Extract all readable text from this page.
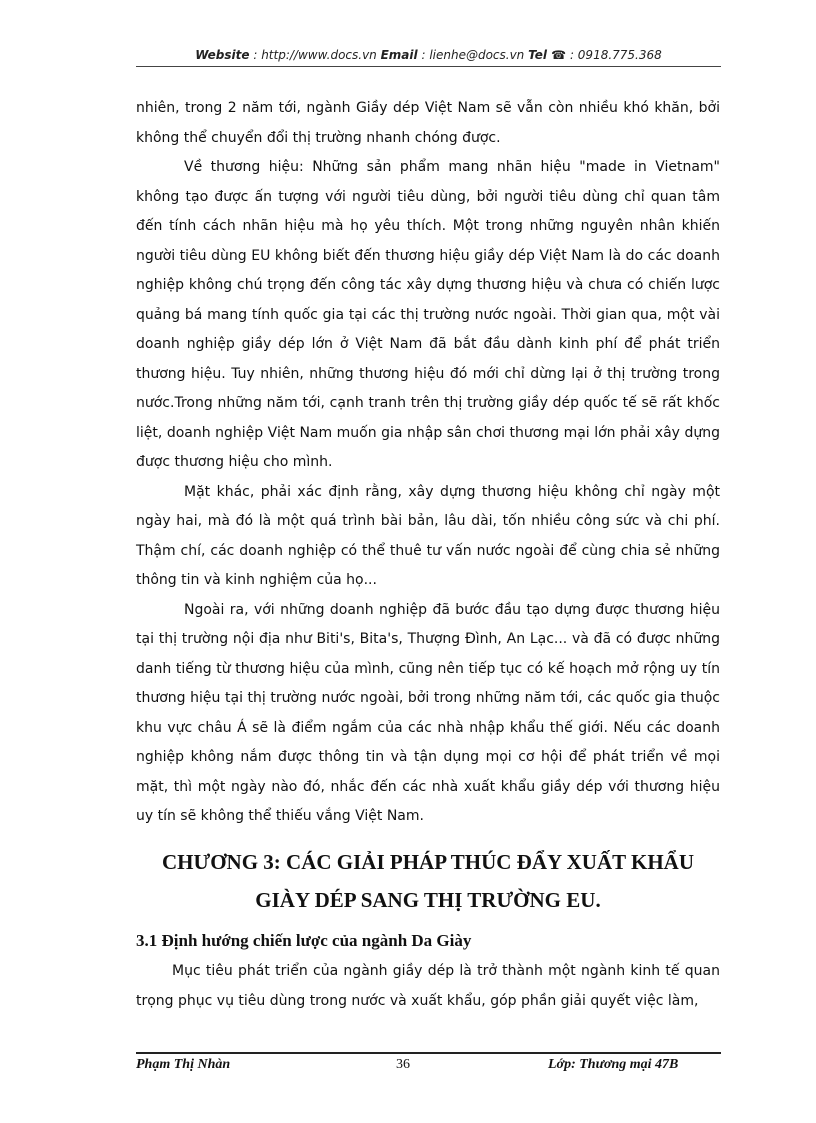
Website : http://www.docs.vn Email : lienhe@docs.vn Tel ☎ : 0918.775.368

nhiên, trong 2 năm tới, ngành Giầy dép Việt Nam sẽ vẫn còn nhiều khó khăn, bởi không thể chuyển đổi thị trường nhanh chóng được.

Về thương hiệu: Những sản phẩm mang nhãn hiệu "made in Vietnam" không tạo được ấn tượng với người tiêu dùng, bởi người tiêu dùng chỉ quan tâm đến tính cách nhãn hiệu mà họ yêu thích. Một trong những nguyên nhân khiến người tiêu dùng EU không biết đến thương hiệu giầy dép Việt Nam là do các doanh nghiệp không chú trọng đến công tác xây dựng thương hiệu và chưa có chiến lược quảng bá mang tính quốc gia tại các thị trường nước ngoài. Thời gian qua, một vài doanh nghiệp giầy dép lớn ở Việt Nam đã bắt đầu dành kinh phí để phát triển thương hiệu. Tuy nhiên, những thương hiệu đó mới chỉ dừng lại ở thị trường trong nước.Trong những năm tới, cạnh tranh trên thị trường giầy dép quốc tế sẽ rất khốc liệt, doanh nghiệp Việt Nam muốn gia nhập sân chơi thương mại lớn phải xây dựng được thương hiệu cho mình.

Mặt khác, phải xác định rằng, xây dựng thương hiệu không chỉ ngày một ngày hai, mà đó là một quá trình bài bản, lâu dài, tốn nhiều công sức và chi phí. Thậm chí, các doanh nghiệp có thể thuê tư vấn nước ngoài để cùng chia sẻ những thông tin và kinh nghiệm của họ...

Ngoài ra, với những doanh nghiệp đã bước đầu tạo dựng được thương hiệu tại thị trường nội địa như Biti's, Bita's, Thượng Đình, An Lạc... và đã có được những danh tiếng từ thương hiệu của mình, cũng nên tiếp tục có kế hoạch mở rộng uy tín thương hiệu tại thị trường nước ngoài, bởi trong những năm tới, các quốc gia thuộc khu vực châu Á sẽ là điểm ngắm của các nhà nhập khẩu thế giới. Nếu các doanh nghiệp không nắm được thông tin và tận dụng mọi cơ hội để phát triển về mọi mặt, thì một ngày nào đó, nhắc đến các nhà xuất khẩu giầy dép với thương hiệu uy tín sẽ không thể thiếu vắng Việt Nam.

CHƯƠNG 3: CÁC GIẢI PHÁP THÚC ĐẨY XUẤT KHẨU
GIÀY DÉP SANG THỊ TRƯỜNG EU.
3.1 Định hướng chiến lược của ngành Da Giày

Mục tiêu phát triển của ngành giầy dép là trở thành một ngành kinh tế quan trọng phục vụ tiêu dùng trong nước và xuất khẩu, góp phần giải quyết việc làm,

Phạm Thị Nhàn	36	Lớp: Thương mại 47B
